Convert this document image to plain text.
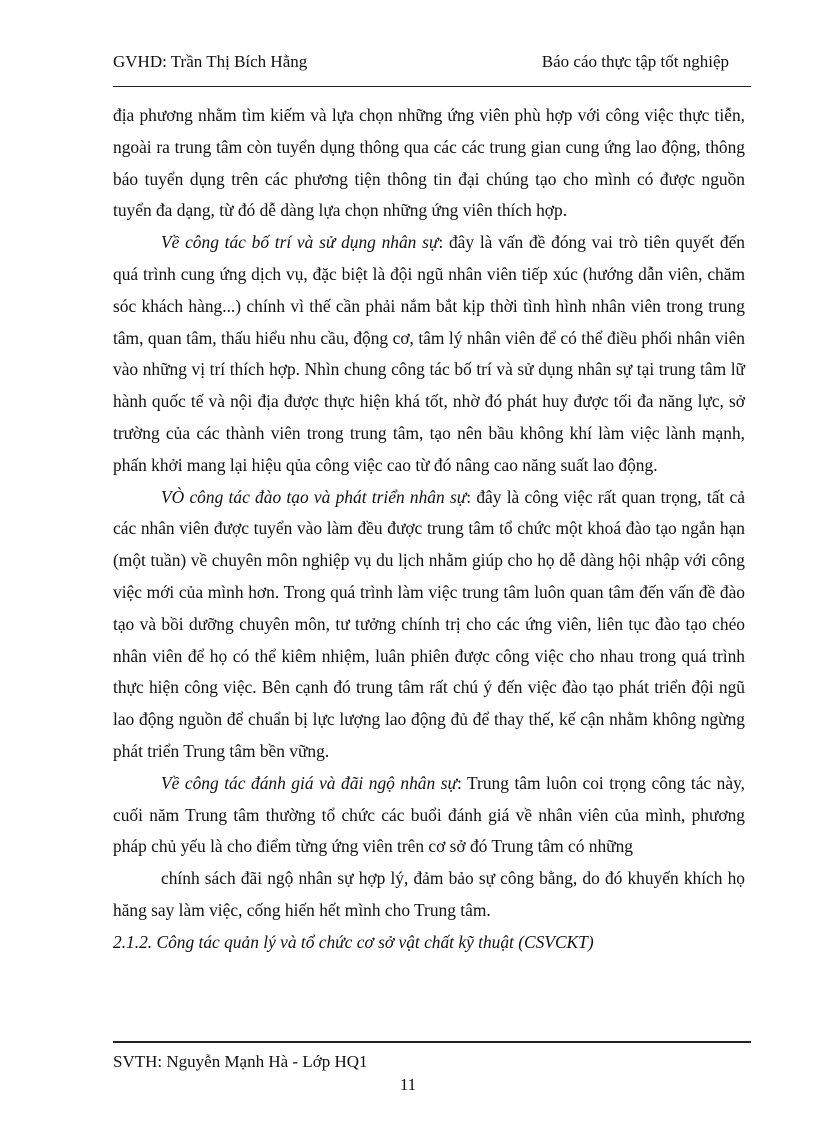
GVHD: Trần Thị Bích Hằng	Báo cáo thực tập tốt nghiệp

địa phương nhằm tìm kiếm và lựa chọn những ứng viên phù hợp với công việc thực tiễn, ngoài ra trung tâm còn tuyển dụng thông qua các các trung gian cung ứng lao động, thông báo tuyển dụng trên các phương tiện thông tin đại chúng tạo cho mình có được nguồn tuyển đa dạng, từ đó dễ dàng lựa chọn những ứng viên thích hợp.

Về công tác bố trí và sử dụng nhân sự: đây là vấn đề đóng vai trò tiên quyết đến quá trình cung ứng dịch vụ, đặc biệt là đội ngũ nhân viên tiếp xúc (hướng dẫn viên, chăm sóc khách hàng...) chính vì thế cần phải nắm bắt kịp thời tình hình nhân viên trong trung tâm, quan tâm, thấu hiểu nhu cầu, động cơ, tâm lý nhân viên để có thể điều phối nhân viên vào những vị trí thích hợp. Nhìn chung công tác bố trí và sử dụng nhân sự tại trung tâm lữ hành quốc tế và nội địa được thực hiện khá tốt, nhờ đó phát huy được tối đa năng lực, sở trường của các thành viên trong trung tâm, tạo nên bầu không khí làm việc lành mạnh, phấn khởi mang lại hiệu qủa công việc cao từ đó nâng cao năng suất lao động.

VÒ công tác đào tạo và phát triển nhân sự: đây là công việc rất quan trọng, tất cả các nhân viên được tuyển vào làm đều được trung tâm tổ chức một khoá đào tạo ngắn hạn (một tuần) về chuyên môn nghiệp vụ du lịch nhằm giúp cho họ dễ dàng hội nhập với công việc mới của mình hơn. Trong quá trình làm việc trung tâm luôn quan tâm đến vấn đề đào tạo và bồi dưỡng chuyên môn, tư tưởng chính trị cho các ứng viên, liên tục đào tạo chéo nhân viên để họ có thể kiêm nhiệm, luân phiên được công việc cho nhau trong quá trình thực hiện công việc. Bên cạnh đó trung tâm rất chú ý đến việc đào tạo phát triển đội ngũ lao động nguồn để chuẩn bị lực lượng lao động đủ để thay thế, kế cận nhằm không ngừng phát triển Trung tâm bền vững.

Về công tác đánh giá và đãi ngộ nhân sự: Trung tâm luôn coi trọng công tác này, cuối năm Trung tâm thường tổ chức các buổi đánh giá về nhân viên của mình, phương pháp chủ yếu là cho điểm từng ứng viên trên cơ sở đó Trung tâm có những

chính sách đãi ngộ nhân sự hợp lý, đảm bảo sự công bằng, do đó khuyến khích họ hăng say làm việc, cống hiến hết mình cho Trung tâm.

2.1.2. Công tác quản lý và tổ chức cơ sở vật chất kỹ thuật (CSVCKT)

SVTH: Nguyễn Mạnh Hà - Lớp HQ1
11
